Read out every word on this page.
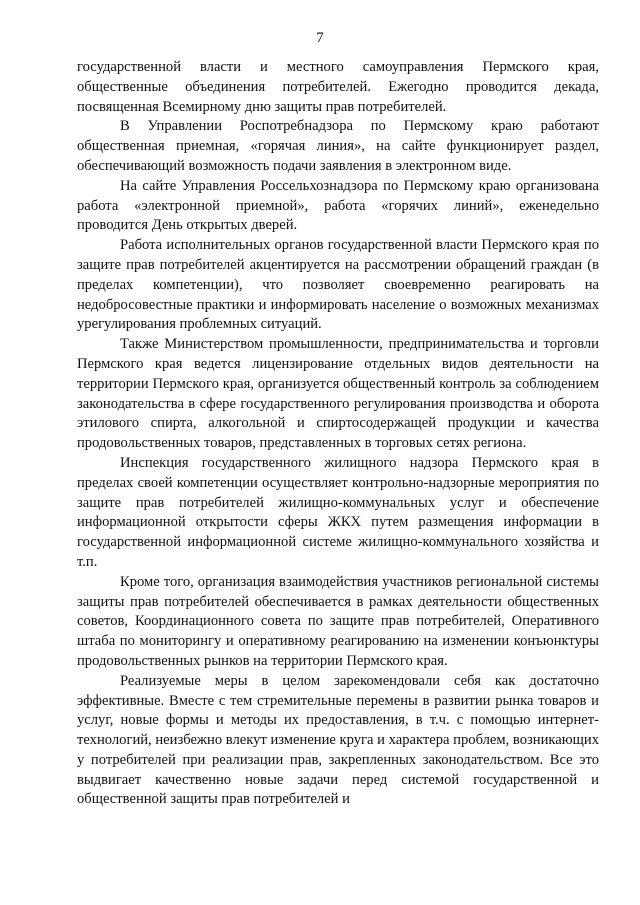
7

государственной власти и местного самоуправления Пермского края, общественные объединения потребителей. Ежегодно проводится декада, посвященная Всемирному дню защиты прав потребителей.

В Управлении Роспотребнадзора по Пермскому краю работают общественная приемная, «горячая линия», на сайте функционирует раздел, обеспечивающий возможность подачи заявления в электронном виде.

На сайте Управления Россельхознадзора по Пермскому краю организована работа «электронной приемной», работа «горячих линий», еженедельно проводится День открытых дверей.

Работа исполнительных органов государственной власти Пермского края по защите прав потребителей акцентируется на рассмотрении обращений граждан (в пределах компетенции), что позволяет своевременно реагировать на недобросовестные практики и информировать население о возможных механизмах урегулирования проблемных ситуаций.

Также Министерством промышленности, предпринимательства и торговли Пермского края ведется лицензирование отдельных видов деятельности на территории Пермского края, организуется общественный контроль за соблюдением законодательства в сфере государственного регулирования производства и оборота этилового спирта, алкогольной и спиртосодержащей продукции и качества продовольственных товаров, представленных в торговых сетях региона.

Инспекция государственного жилищного надзора Пермского края в пределах своей компетенции осуществляет контрольно-надзорные мероприятия по защите прав потребителей жилищно-коммунальных услуг и обеспечение информационной открытости сферы ЖКХ путем размещения информации в государственной информационной системе жилищно-коммунального хозяйства и т.п.

Кроме того, организация взаимодействия участников региональной системы защиты прав потребителей обеспечивается в рамках деятельности общественных советов, Координационного совета по защите прав потребителей, Оперативного штаба по мониторингу и оперативному реагированию на изменении конъюнктуры продовольственных рынков на территории Пермского края.

Реализуемые меры в целом зарекомендовали себя как достаточно эффективные. Вместе с тем стремительные перемены в развитии рынка товаров и услуг, новые формы и методы их предоставления, в т.ч. с помощью интернет-технологий, неизбежно влекут изменение круга и характера проблем, возникающих у потребителей при реализации прав, закрепленных законодательством. Все это выдвигает качественно новые задачи перед системой государственной и общественной защиты прав потребителей и
